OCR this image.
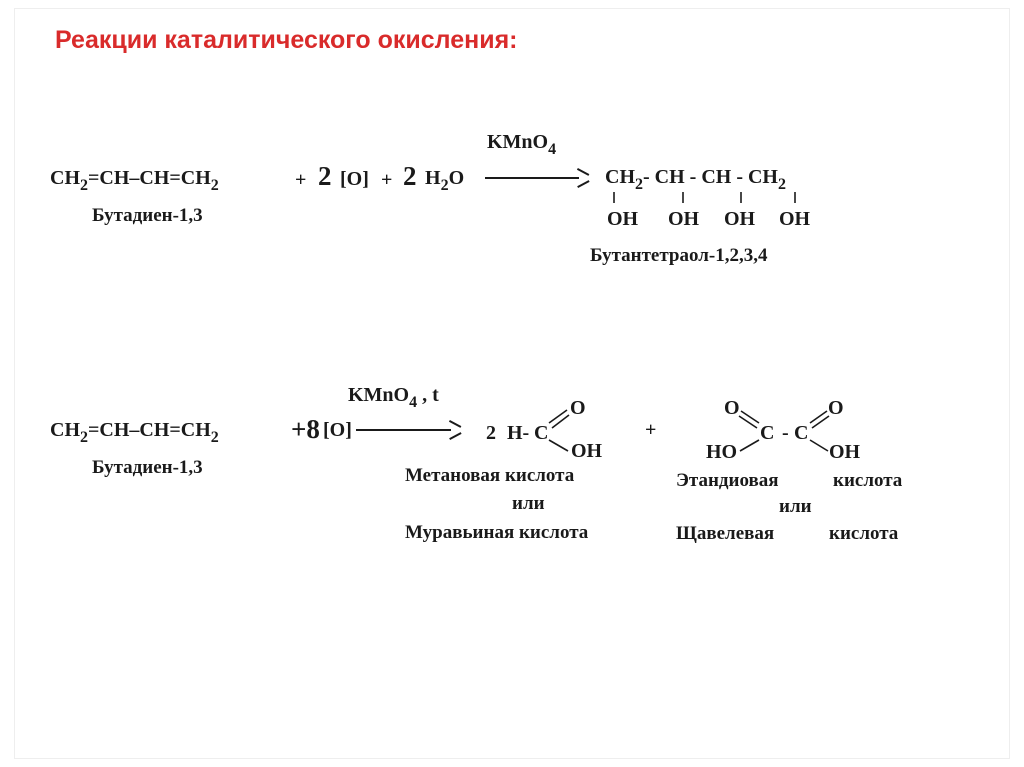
Реакции каталитического окисления:
$CH_2=CH-CH=CH_2$
Бутадиен-1,3
+ 2 [O] + 2 $H_2O$
KMnO$_4$
$CH_2-$ CH - CH - $CH_2$
OH OH OH OH
Бутантетраол-1,2,3,4
$CH_2=CH-CH=CH_2$
Бутадиен-1,3
+8 [O]
KMnO$_4$ , t
2 H- C
O
OH
Метановая кислота
или
Муравьиная кислота
+
O	O
HO
C - C
OH
Этандиовая	кислота
или
Щавелевая	кислота
